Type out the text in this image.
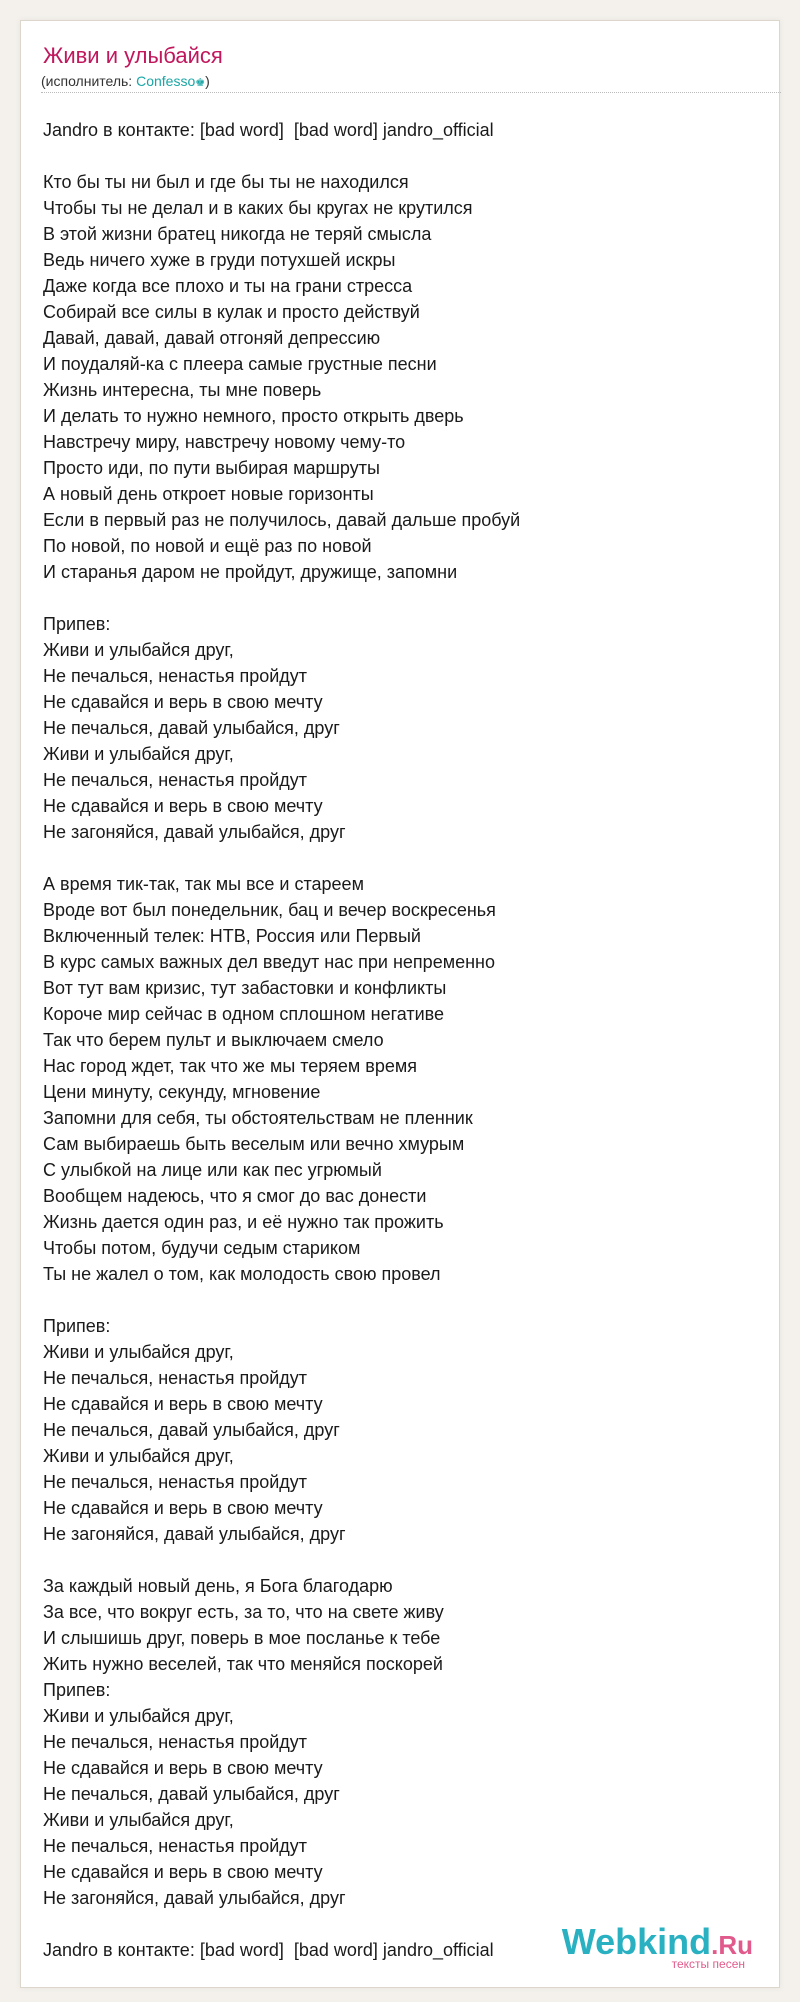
Живи и улыбайся
(исполнитель: Confesso♚)
Jandro в контакте: [bad word]  [bad word] jandro_official
Кто бы ты ни был и где бы ты не находился
Чтобы ты не делал и в каких бы кругах не крутился
В этой жизни братец никогда не теряй смысла
Ведь ничего хуже в груди потухшей искры
Даже когда все плохо и ты на грани стресса
Собирай все силы в кулак и просто действуй
Давай, давай, давай отгоняй депрессию
И поудаляй-ка с плеера самые грустные песни
Жизнь интересна, ты мне поверь
И делать то нужно немного, просто открыть дверь
Навстречу миру, навстречу новому чему-то
Просто иди, по пути выбирая маршруты
А новый день откроет новые горизонты
Если в первый раз не получилось, давай дальше пробуй
По новой, по новой и ещё раз по новой
И старанья даром не пройдут, дружище, запомни
Припев:
Живи и улыбайся друг,
Не печалься, ненастья пройдут
Не сдавайся и верь в свою мечту
Не печалься, давай улыбайся, друг
Живи и улыбайся друг,
Не печалься, ненастья пройдут
Не сдавайся и верь в свою мечту
Не загоняйся, давай улыбайся, друг
А время тик-так, так мы все и стареем
Вроде вот был понедельник, бац и вечер воскресенья
Включенный телек: НТВ, Россия или Первый
В курс самых важных дел введут нас при непременно
Вот тут вам кризис, тут забастовки и конфликты
Короче мир сейчас в одном сплошном негативе
Так что берем пульт и выключаем смело
Нас город ждет, так что же мы теряем время
Цени минуту, секунду, мгновение
Запомни для себя, ты обстоятельствам не пленник
Сам выбираешь быть веселым или вечно хмурым
С улыбкой на лице или как пес угрюмый
Вообщем надеюсь, что я смог до вас донести
Жизнь дается один раз, и её нужно так прожить
Чтобы потом, будучи седым стариком
Ты не жалел о том, как молодость свою провел
Припев:
Живи и улыбайся друг,
Не печалься, ненастья пройдут
Не сдавайся и верь в свою мечту
Не печалься, давай улыбайся, друг
Живи и улыбайся друг,
Не печалься, ненастья пройдут
Не сдавайся и верь в свою мечту
Не загоняйся, давай улыбайся, друг
За каждый новый день, я Бога благодарю
За все, что вокруг есть, за то, что на свете живу
И слышишь друг, поверь в мое посланье к тебе
Жить нужно веселей, так что меняйся поскорей
Припев:
Живи и улыбайся друг,
Не печалься, ненастья пройдут
Не сдавайся и верь в свою мечту
Не печалься, давай улыбайся, друг
Живи и улыбайся друг,
Не печалься, ненастья пройдут
Не сдавайся и верь в свою мечту
Не загоняйся, давай улыбайся, друг
Jandro в контакте: [bad word]  [bad word] jandro_official	Webkind.Ru
тексты песен
